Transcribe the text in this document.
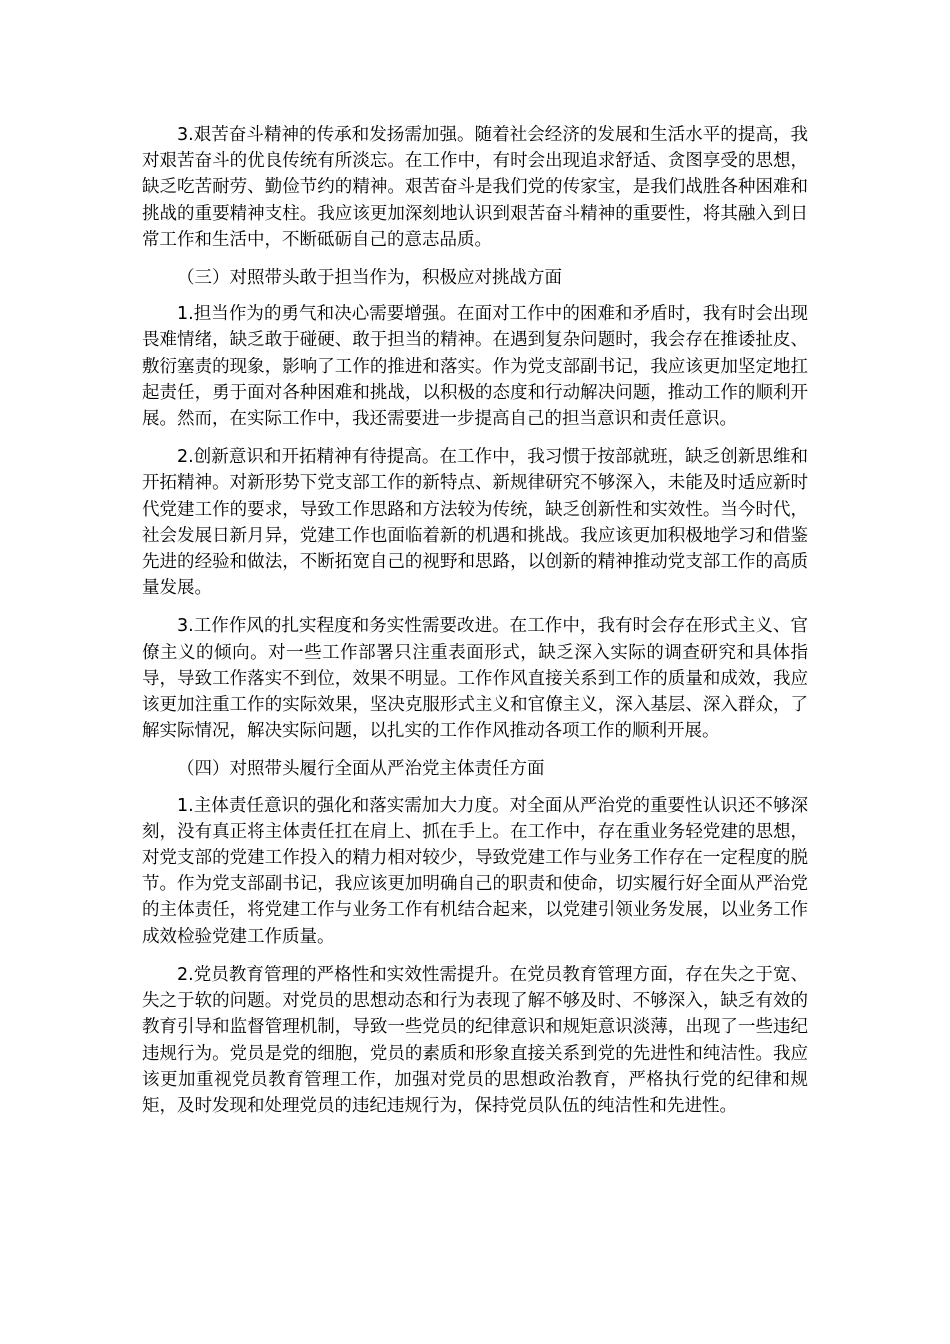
3.艰苦奋斗精神的传承和发扬需加强。随着社会经济的发展和生活水平的提高，我对艰苦奋斗的优良传统有所淡忘。在工作中，有时会出现追求舒适、贪图享受的思想，缺乏吃苦耐劳、勤俭节约的精神。艰苦奋斗是我们党的传家宝，是我们战胜各种困难和挑战的重要精神支柱。我应该更加深刻地认识到艰苦奋斗精神的重要性，将其融入到日常工作和生活中，不断砥砺自己的意志品质。

（三）对照带头敢于担当作为，积极应对挑战方面

1.担当作为的勇气和决心需要增强。在面对工作中的困难和矛盾时，我有时会出现畏难情绪，缺乏敢于碰硬、敢于担当的精神。在遇到复杂问题时，我会存在推诿扯皮、敷衍塞责的现象，影响了工作的推进和落实。作为党支部副书记，我应该更加坚定地扛起责任，勇于面对各种困难和挑战，以积极的态度和行动解决问题，推动工作的顺利开展。然而，在实际工作中，我还需要进一步提高自己的担当意识和责任意识。

2.创新意识和开拓精神有待提高。在工作中，我习惯于按部就班，缺乏创新思维和开拓精神。对新形势下党支部工作的新特点、新规律研究不够深入，未能及时适应新时代党建工作的要求，导致工作思路和方法较为传统，缺乏创新性和实效性。当今时代，社会发展日新月异，党建工作也面临着新的机遇和挑战。我应该更加积极地学习和借鉴先进的经验和做法，不断拓宽自己的视野和思路，以创新的精神推动党支部工作的高质量发展。

3.工作作风的扎实程度和务实性需要改进。在工作中，我有时会存在形式主义、官僚主义的倾向。对一些工作部署只注重表面形式，缺乏深入实际的调查研究和具体指导，导致工作落实不到位，效果不明显。工作作风直接关系到工作的质量和成效，我应该更加注重工作的实际效果，坚决克服形式主义和官僚主义，深入基层、深入群众，了解实际情况，解决实际问题，以扎实的工作作风推动各项工作的顺利开展。

（四）对照带头履行全面从严治党主体责任方面

1.主体责任意识的强化和落实需加大力度。对全面从严治党的重要性认识还不够深刻，没有真正将主体责任扛在肩上、抓在手上。在工作中，存在重业务轻党建的思想，对党支部的党建工作投入的精力相对较少，导致党建工作与业务工作存在一定程度的脱节。作为党支部副书记，我应该更加明确自己的职责和使命，切实履行好全面从严治党的主体责任，将党建工作与业务工作有机结合起来，以党建引领业务发展，以业务工作成效检验党建工作质量。

2.党员教育管理的严格性和实效性需提升。在党员教育管理方面，存在失之于宽、失之于软的问题。对党员的思想动态和行为表现了解不够及时、不够深入，缺乏有效的教育引导和监督管理机制，导致一些党员的纪律意识和规矩意识淡薄，出现了一些违纪违规行为。党员是党的细胞，党员的素质和形象直接关系到党的先进性和纯洁性。我应该更加重视党员教育管理工作，加强对党员的思想政治教育，严格执行党的纪律和规矩，及时发现和处理党员的违纪违规行为，保持党员队伍的纯洁性和先进性。
